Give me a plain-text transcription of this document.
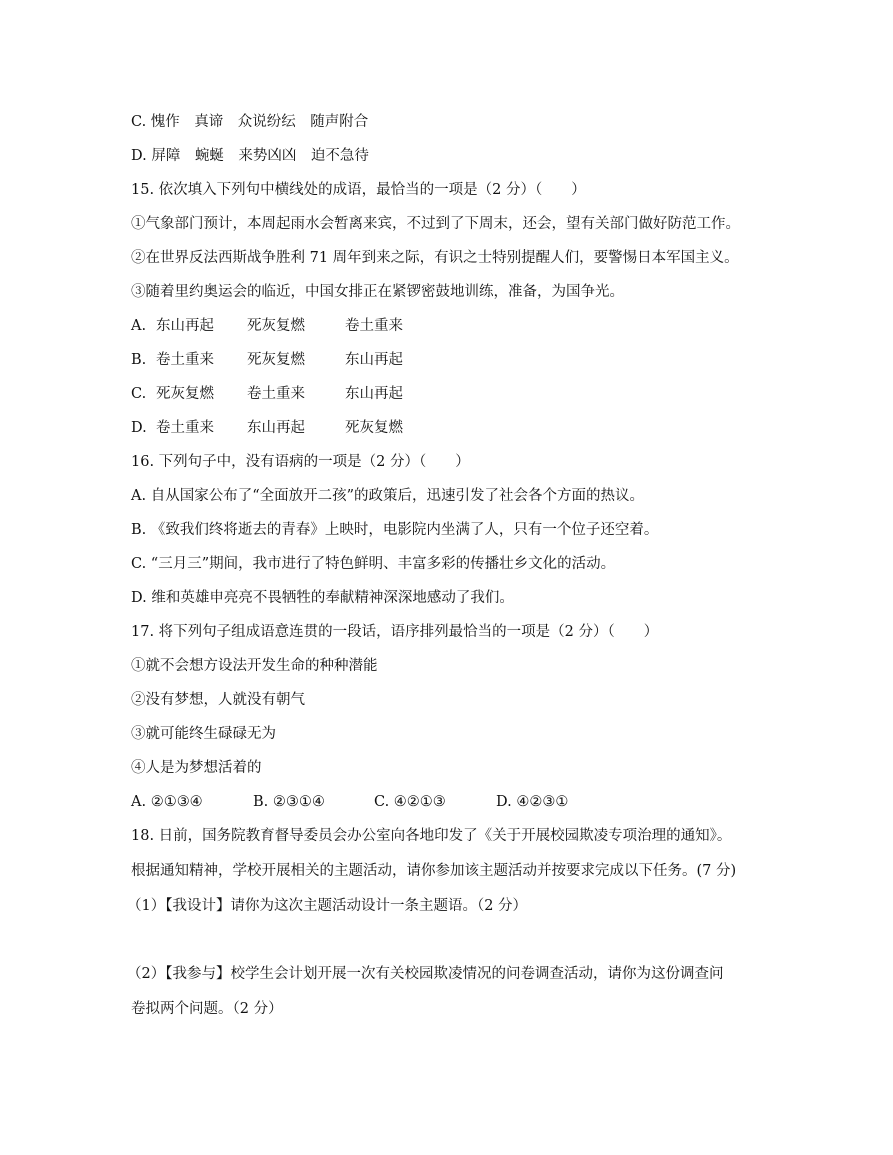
C. 愧作　真谛　众说纷纭　随声附合
D. 屏障　蜿蜒　来势凶凶　迫不急待
15. 依次填入下列句中横线处的成语，最恰当的一项是（2 分）（　　）
①气象部门预计，本周起雨水会暂离来宾，不过到了下周末，还会，望有关部门做好防范工作。
②在世界反法西斯战争胜利 71 周年到来之际，有识之士特别提醒人们，要警惕日本军国主义。
③随着里约奥运会的临近，中国女排正在紧锣密鼓地训练，准备，为国争光。
A. 东山再起 死灰复燃	卷土重来
B. 卷土重来 死灰复燃	东山再起
C. 死灰复燃 卷土重来	东山再起
D. 卷土重来 东山再起	死灰复燃
16. 下列句子中，没有语病的一项是（2 分）（　　）
A. 自从国家公布了“全面放开二孩”的政策后，迅速引发了社会各个方面的热议。
B. 《致我们终将逝去的青春》上映时，电影院内坐满了人，只有一个位子还空着。
C. “三月三”期间，我市进行了特色鲜明、丰富多彩的传播壮乡文化的活动。
D. 维和英雄申亮亮不畏牺牲的奉献精神深深地感动了我们。
17. 将下列句子组成语意连贯的一段话，语序排列最恰当的一项是（2 分）（　　）
①就不会想方设法开发生命的种种潜能
②没有梦想，人就没有朝气
③就可能终生碌碌无为
④人是为梦想活着的
A. ②①③④	B. ②③①④	C. ④②①③	D. ④②③①
18. 日前，国务院教育督导委员会办公室向各地印发了《关于开展校园欺凌专项治理的通知》。
根据通知精神，学校开展相关的主题活动，请你参加该主题活动并按要求完成以下任务。(7 分)
（1）【我设计】请你为这次主题活动设计一条主题语。（2 分）
（2）【我参与】校学生会计划开展一次有关校园欺凌情况的问卷调查活动，请你为这份调查问
卷拟两个问题。（2 分）
